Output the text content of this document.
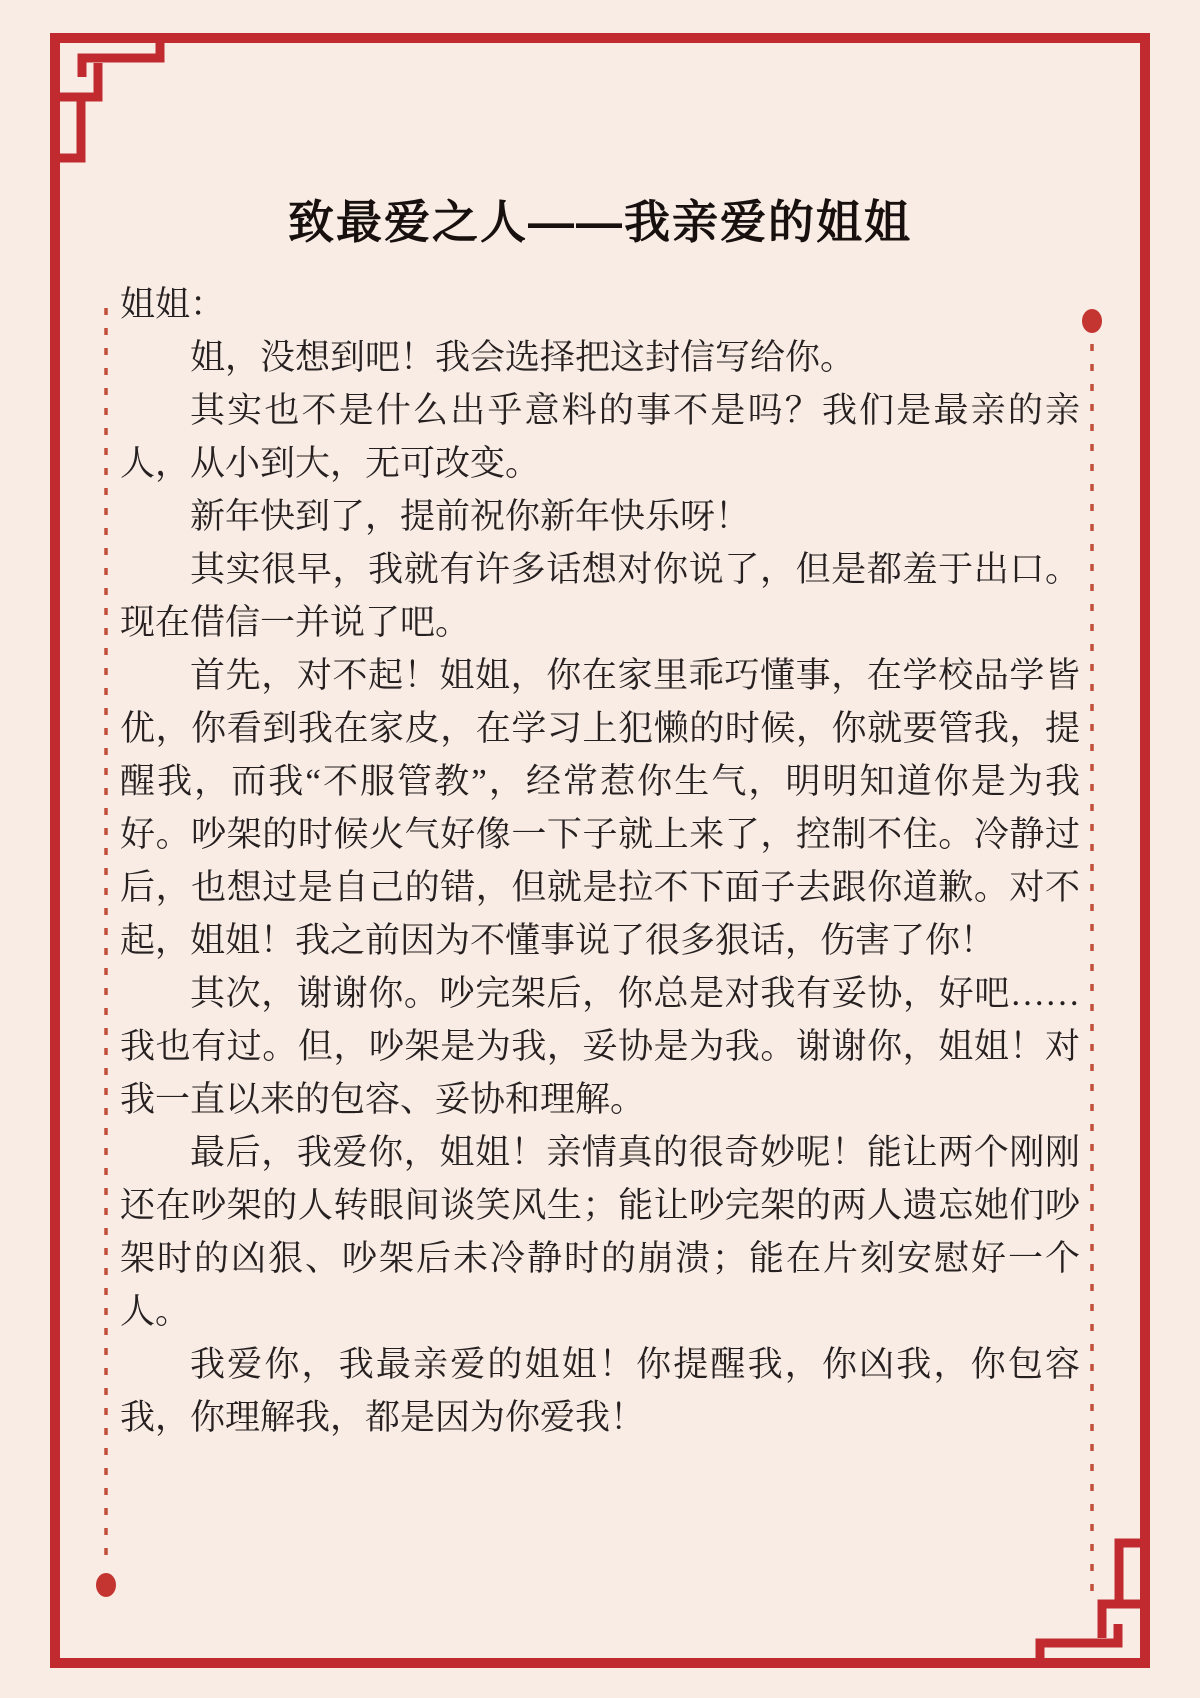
致最爱之人——我亲爱的姐姐

姐姐：

姐，没想到吧！我会选择把这封信写给你。

其实也不是什么出乎意料的事不是吗？我们是最亲的亲人，从小到大，无可改变。

新年快到了，提前祝你新年快乐呀！

其实很早，我就有许多话想对你说了，但是都羞于出口。现在借信一并说了吧。

首先，对不起！姐姐，你在家里乖巧懂事，在学校品学皆优，你看到我在家皮，在学习上犯懒的时候，你就要管我，提醒我，而我“不服管教”，经常惹你生气，明明知道你是为我好。吵架的时候火气好像一下子就上来了，控制不住。冷静过后，也想过是自己的错，但就是拉不下面子去跟你道歉。对不起，姐姐！我之前因为不懂事说了很多狠话，伤害了你！

其次，谢谢你。吵完架后，你总是对我有妥协，好吧……我也有过。但，吵架是为我，妥协是为我。谢谢你，姐姐！对我一直以来的包容、妥协和理解。

最后，我爱你，姐姐！亲情真的很奇妙呢！能让两个刚刚还在吵架的人转眼间谈笑风生；能让吵完架的两人遗忘她们吵架时的凶狠、吵架后未冷静时的崩溃；能在片刻安慰好一个人。

我爱你，我最亲爱的姐姐！你提醒我，你凶我，你包容我，你理解我，都是因为你爱我！
